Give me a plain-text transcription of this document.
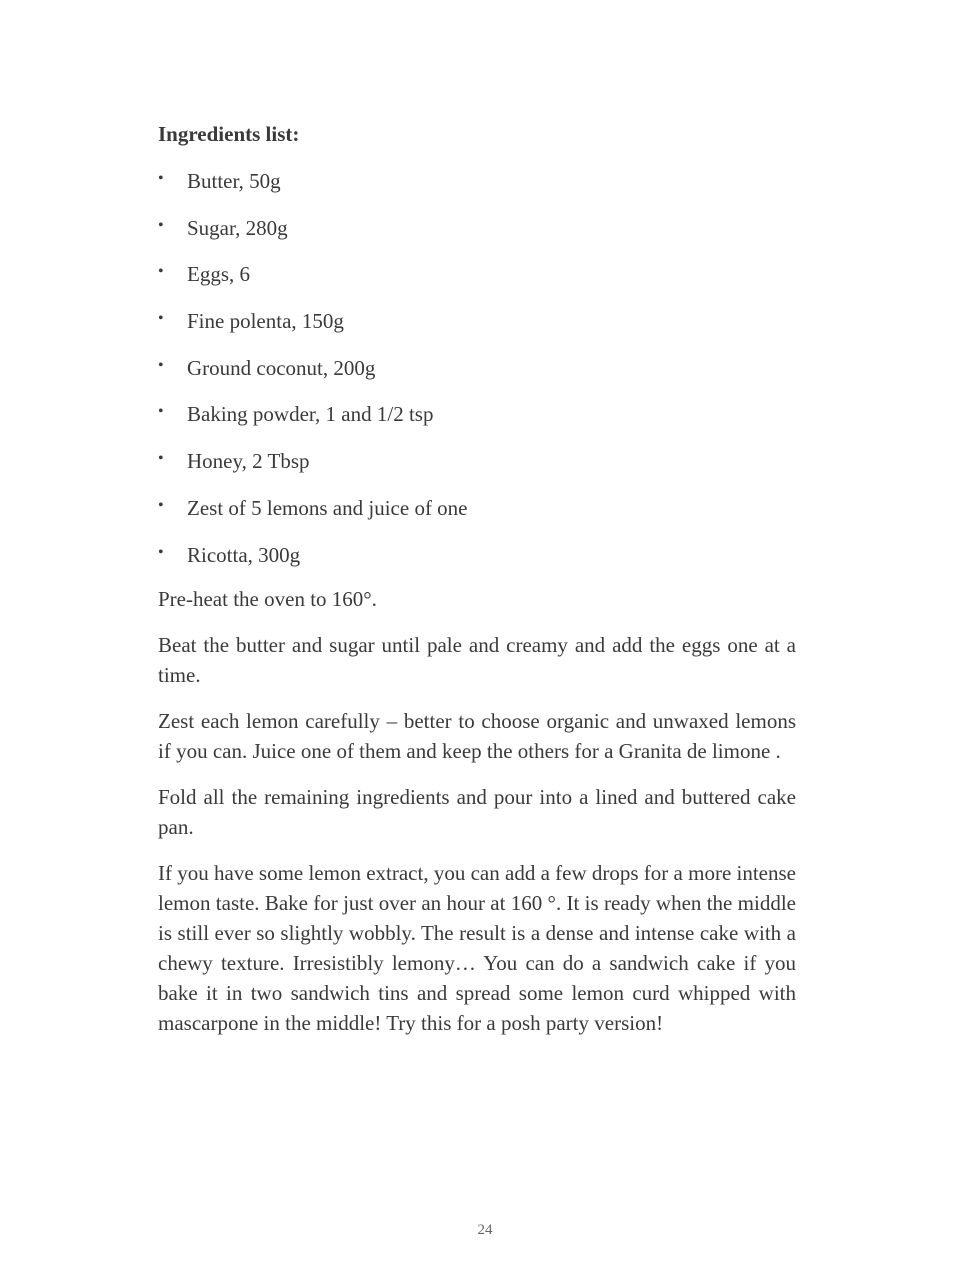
Ingredients list:
• Butter, 50g
• Sugar, 280g
• Eggs, 6
• Fine polenta, 150g
• Ground coconut, 200g
• Baking powder, 1 and 1/2 tsp
• Honey, 2 Tbsp
• Zest of 5 lemons and juice of one
• Ricotta, 300g

Pre-heat the oven to 160°.

Beat the butter and sugar until pale and creamy and add the eggs one at a time.

Zest each lemon carefully – better to choose organic and unwaxed lemons if you can. Juice one of them and keep the others for a Granita de limone .

Fold all the remaining ingredients and pour into a lined and buttered cake pan.

If you have some lemon extract, you can add a few drops for a more intense lemon taste. Bake for just over an hour at 160 °. It is ready when the middle is still ever so slightly wobbly. The result is a dense and intense cake with a chewy texture. Irresistibly lemony… You can do a sandwich cake if you bake it in two sandwich tins and spread some lemon curd whipped with mascarpone in the middle! Try this for a posh party version!

24
